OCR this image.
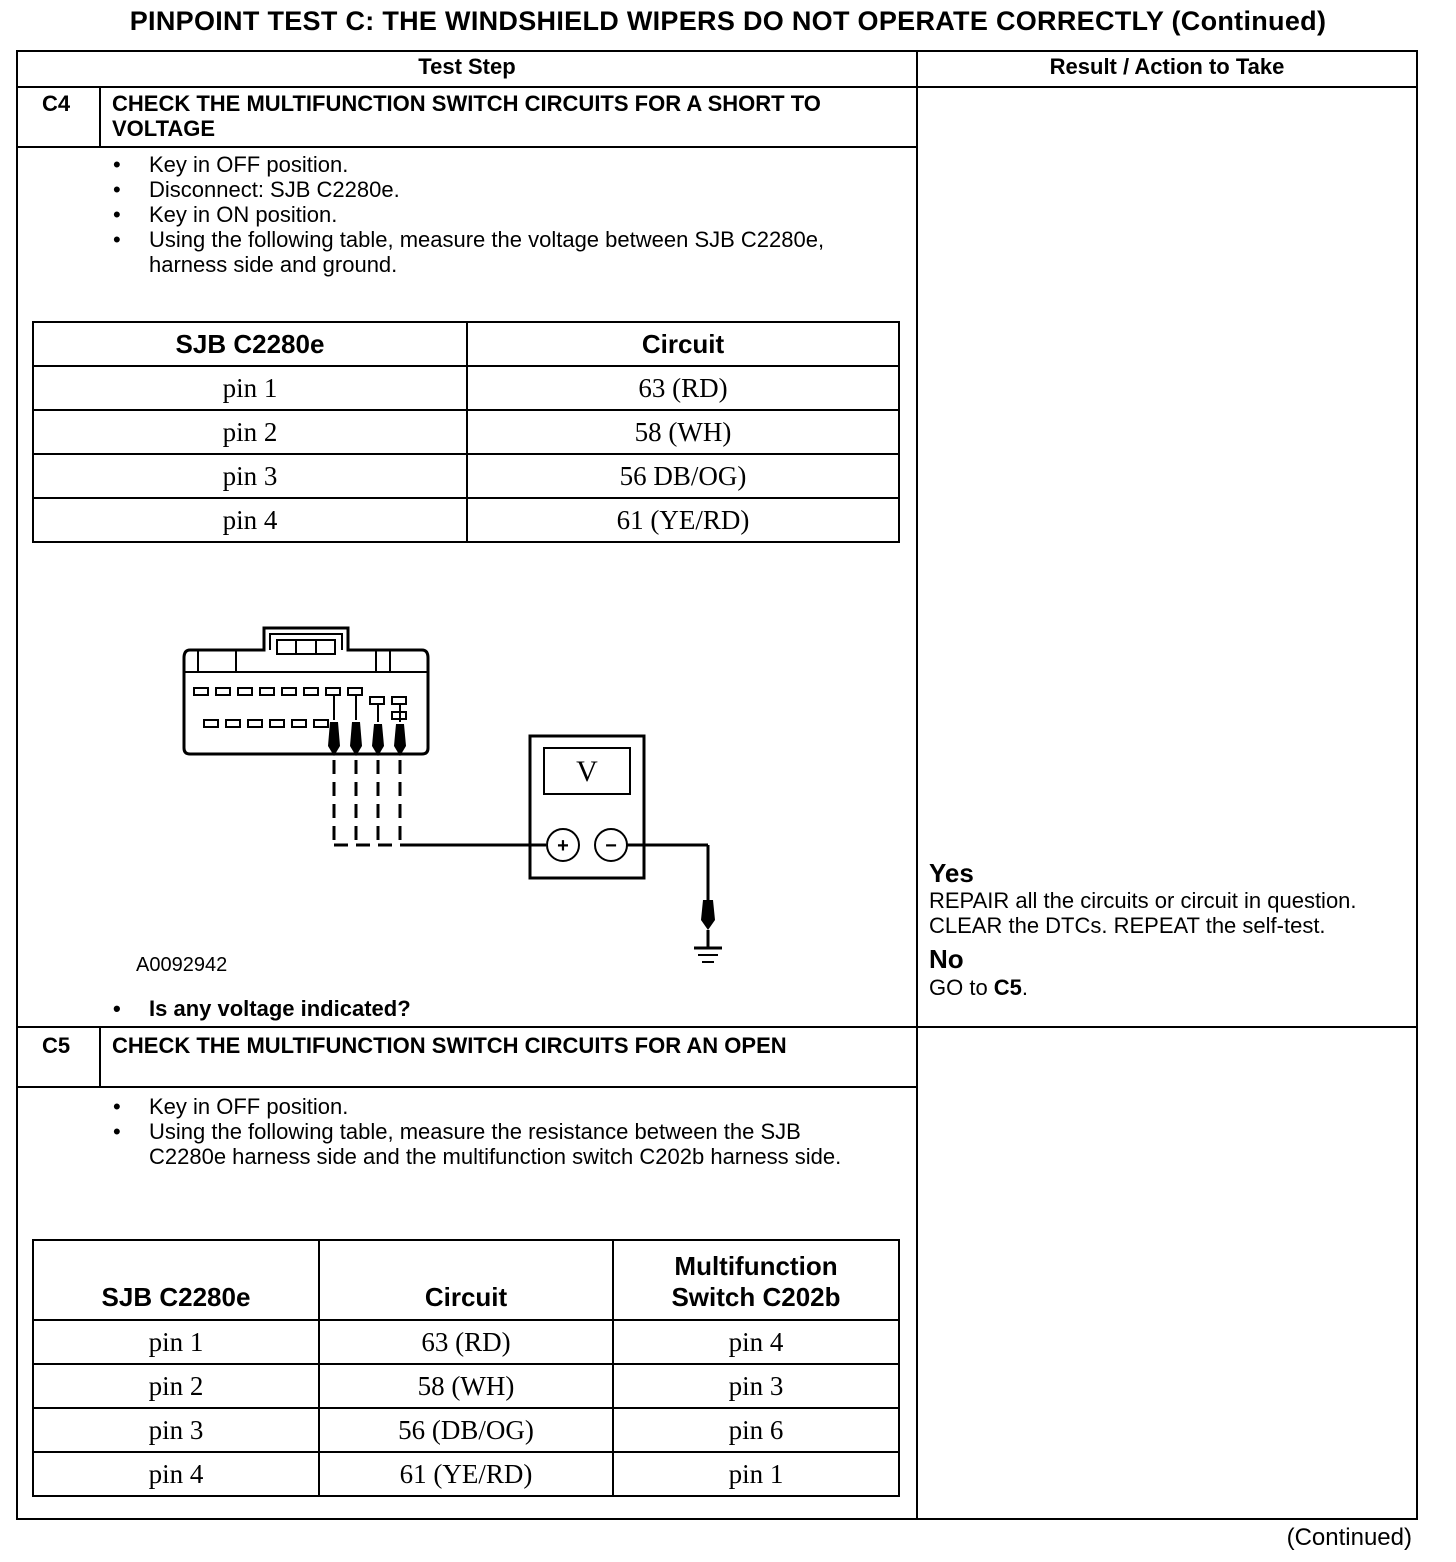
PINPOINT TEST C: THE WINDSHIELD WIPERS DO NOT OPERATE CORRECTLY (Continued)
Test Step	Result / Action to Take
C4 CHECK THE MULTIFUNCTION SWITCH CIRCUITS FOR A SHORT TO VOLTAGE
• Key in OFF position.
• Disconnect: SJB C2280e.
• Key in ON position.
• Using the following table, measure the voltage between SJB C2280e, harness side and ground.
SJB C2280e	Circuit
pin 1	63 (RD)
pin 2	58 (WH)
pin 3	56 DB/OG)
pin 4	61 (YE/RD)
V
+ −
A0092942
• Is any voltage indicated?
Yes
REPAIR all the circuits or circuit in question. CLEAR the DTCs. REPEAT the self-test.
No
GO to C5.
C5 CHECK THE MULTIFUNCTION SWITCH CIRCUITS FOR AN OPEN
• Key in OFF position.
• Using the following table, measure the resistance between the SJB C2280e harness side and the multifunction switch C202b harness side.
SJB C2280e	Circuit	Multifunction Switch C202b
pin 1	63 (RD)	pin 4
pin 2	58 (WH)	pin 3
pin 3	56 (DB/OG)	pin 6
pin 4	61 (YE/RD)	pin 1
(Continued)
